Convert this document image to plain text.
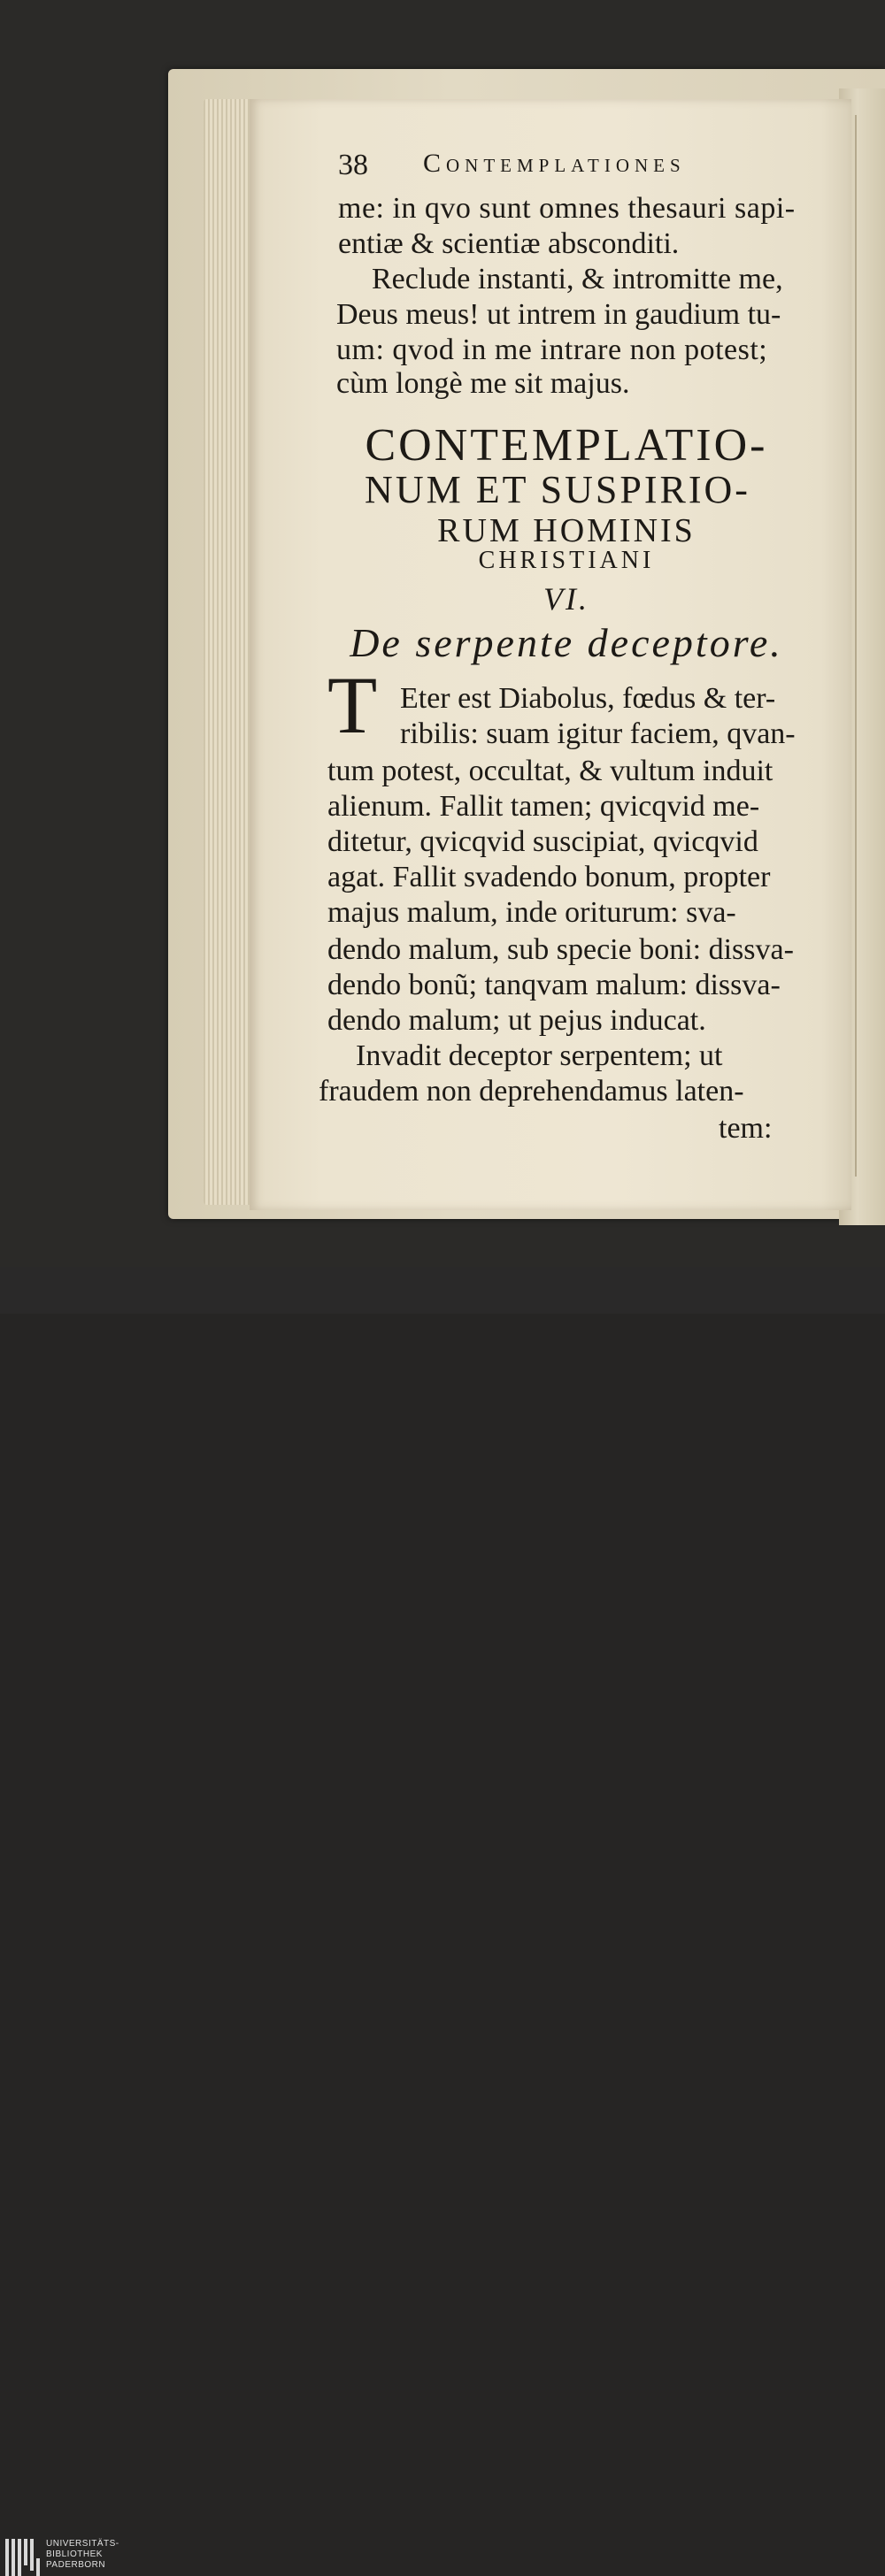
38 Contemplationes
me: in qvo sunt omnes thesauri sapi-
entiæ & scientiæ absconditi.
Reclude instanti, & intromitte me,
Deus meus! ut intrem in gaudium tu-
um: qvod in me intrare non potest;
cùm longè me sit majus.
CONTEMPLATIO-
NUM ET SUSPIRIO-
RUM HOMINIS
CHRISTIANI
VI.
De serpente deceptore.
T Eter est Diabolus, fœdus & ter-
ribilis: suam igitur faciem, qvan-
tum potest, occultat, & vultum induit
alienum. Fallit tamen; qvicqvid me-
ditetur, qvicqvid suscipiat, qvicqvid
agat. Fallit svadendo bonum, propter
majus malum, inde oriturum: sva-
dendo malum, sub specie boni: dissva-
dendo bonũ; tanqvam malum: dissva-
dendo malum; ut pejus inducat.
Invadit deceptor serpentem; ut
fraudem non deprehendamus laten-
tem:
UNIVERSITÄTS-
BIBLIOTHEK
PADERBORN
